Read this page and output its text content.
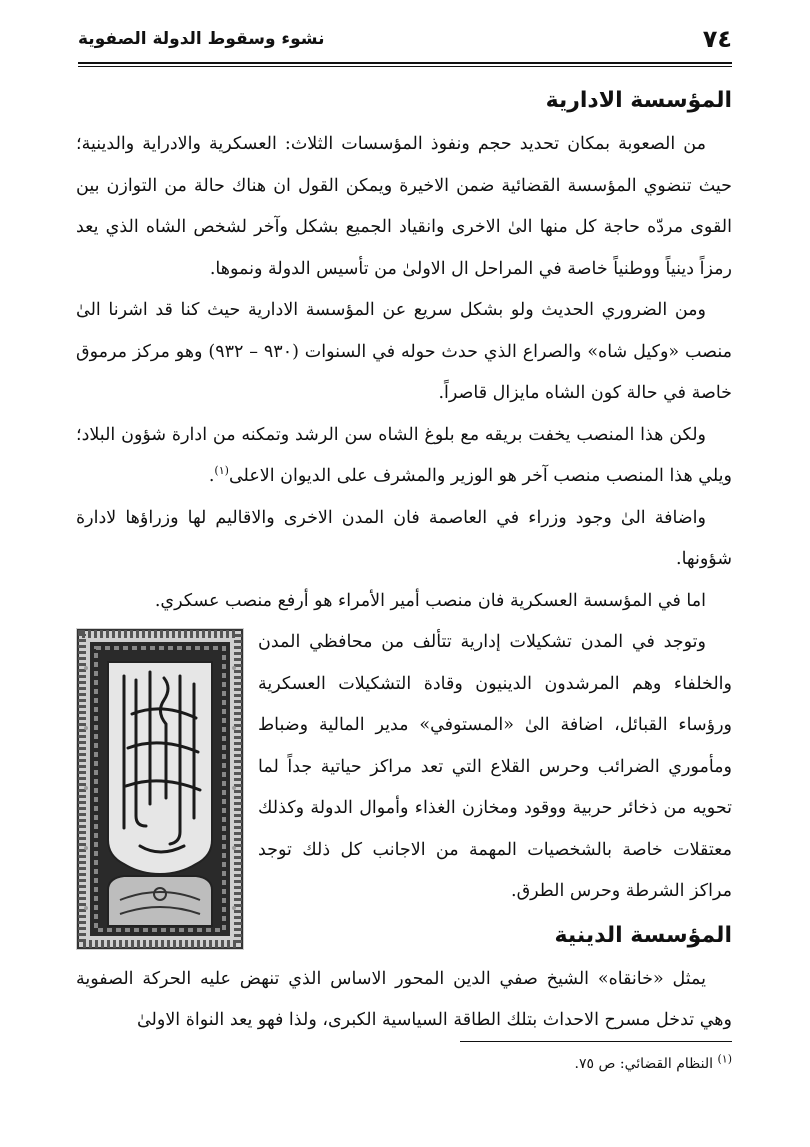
٧٤
نشوء وسقوط الدولة الصفوية
المؤسسة الادارية

من الصعوبة بمكان تحديد حجم ونفوذ المؤسسات الثلاث: العسكرية والادراية والدينية؛ حيث تنضوي المؤسسة القضائية ضمن الاخيرة ويمكن القول ان هناك حالة من التوازن بين القوى مردّه حاجة كل منها الىٰ الاخرى وانقياد الجميع بشكل وآخر لشخص الشاه الذي يعد رمزاً دينياً ووطنياً خاصة في المراحل ال الاولىٰ من تأسيس الدولة ونموها.

ومن الضروري الحديث ولو بشكل سريع عن المؤسسة الادارية حيث كنا قد اشرنا الىٰ منصب «وكيل شاه» والصراع الذي حدث حوله في السنوات (٩٣٠ – ٩٣٢) وهو مركز مرموق خاصة في حالة كون الشاه مايزال قاصراً.

ولكن هذا المنصب يخفت بريقه مع بلوغ الشاه سن الرشد وتمكنه من ادارة شؤون البلاد؛ ويلي هذا المنصب منصب آخر هو الوزير والمشرف على الديوان الاعلى$^{(١)}$.

واضافة الىٰ وجود وزراء في العاصمة فان المدن الاخرى والاقاليم لها وزراؤها لادارة شؤونها.

اما في المؤسسة العسكرية فان منصب أمير الأمراء هو أرفع منصب عسكري.

وتوجد في المدن تشكيلات إدارية تتألف من محافظي المدن والخلفاء وهم المرشدون الدينيون وقادة التشكيلات العسكرية ورؤساء القبائل، اضافة الىٰ «المستوفي» مدير المالية وضباط ومأموري الضرائب وحرس القلاع التي تعد مراكز حياتية جداً لما تحويه من ذخائر حربية ووقود ومخازن الغذاء وأموال الدولة وكذلك معتقلات خاصة بالشخصيات المهمة من الاجانب كل ذلك توجد مراكز الشرطة وحرس الطرق.

المؤسسة الدينية

يمثل «خانقاه» الشيخ صفي الدين المحور الاساس الذي تنهض عليه الحركة الصفوية وهي تدخل مسرح الاحداث بتلك الطاقة السياسية الكبرى، ولذا فهو يعد النواة الاولىٰ

$^{(١)}$ النظام القضائي: ص ٧٥.
